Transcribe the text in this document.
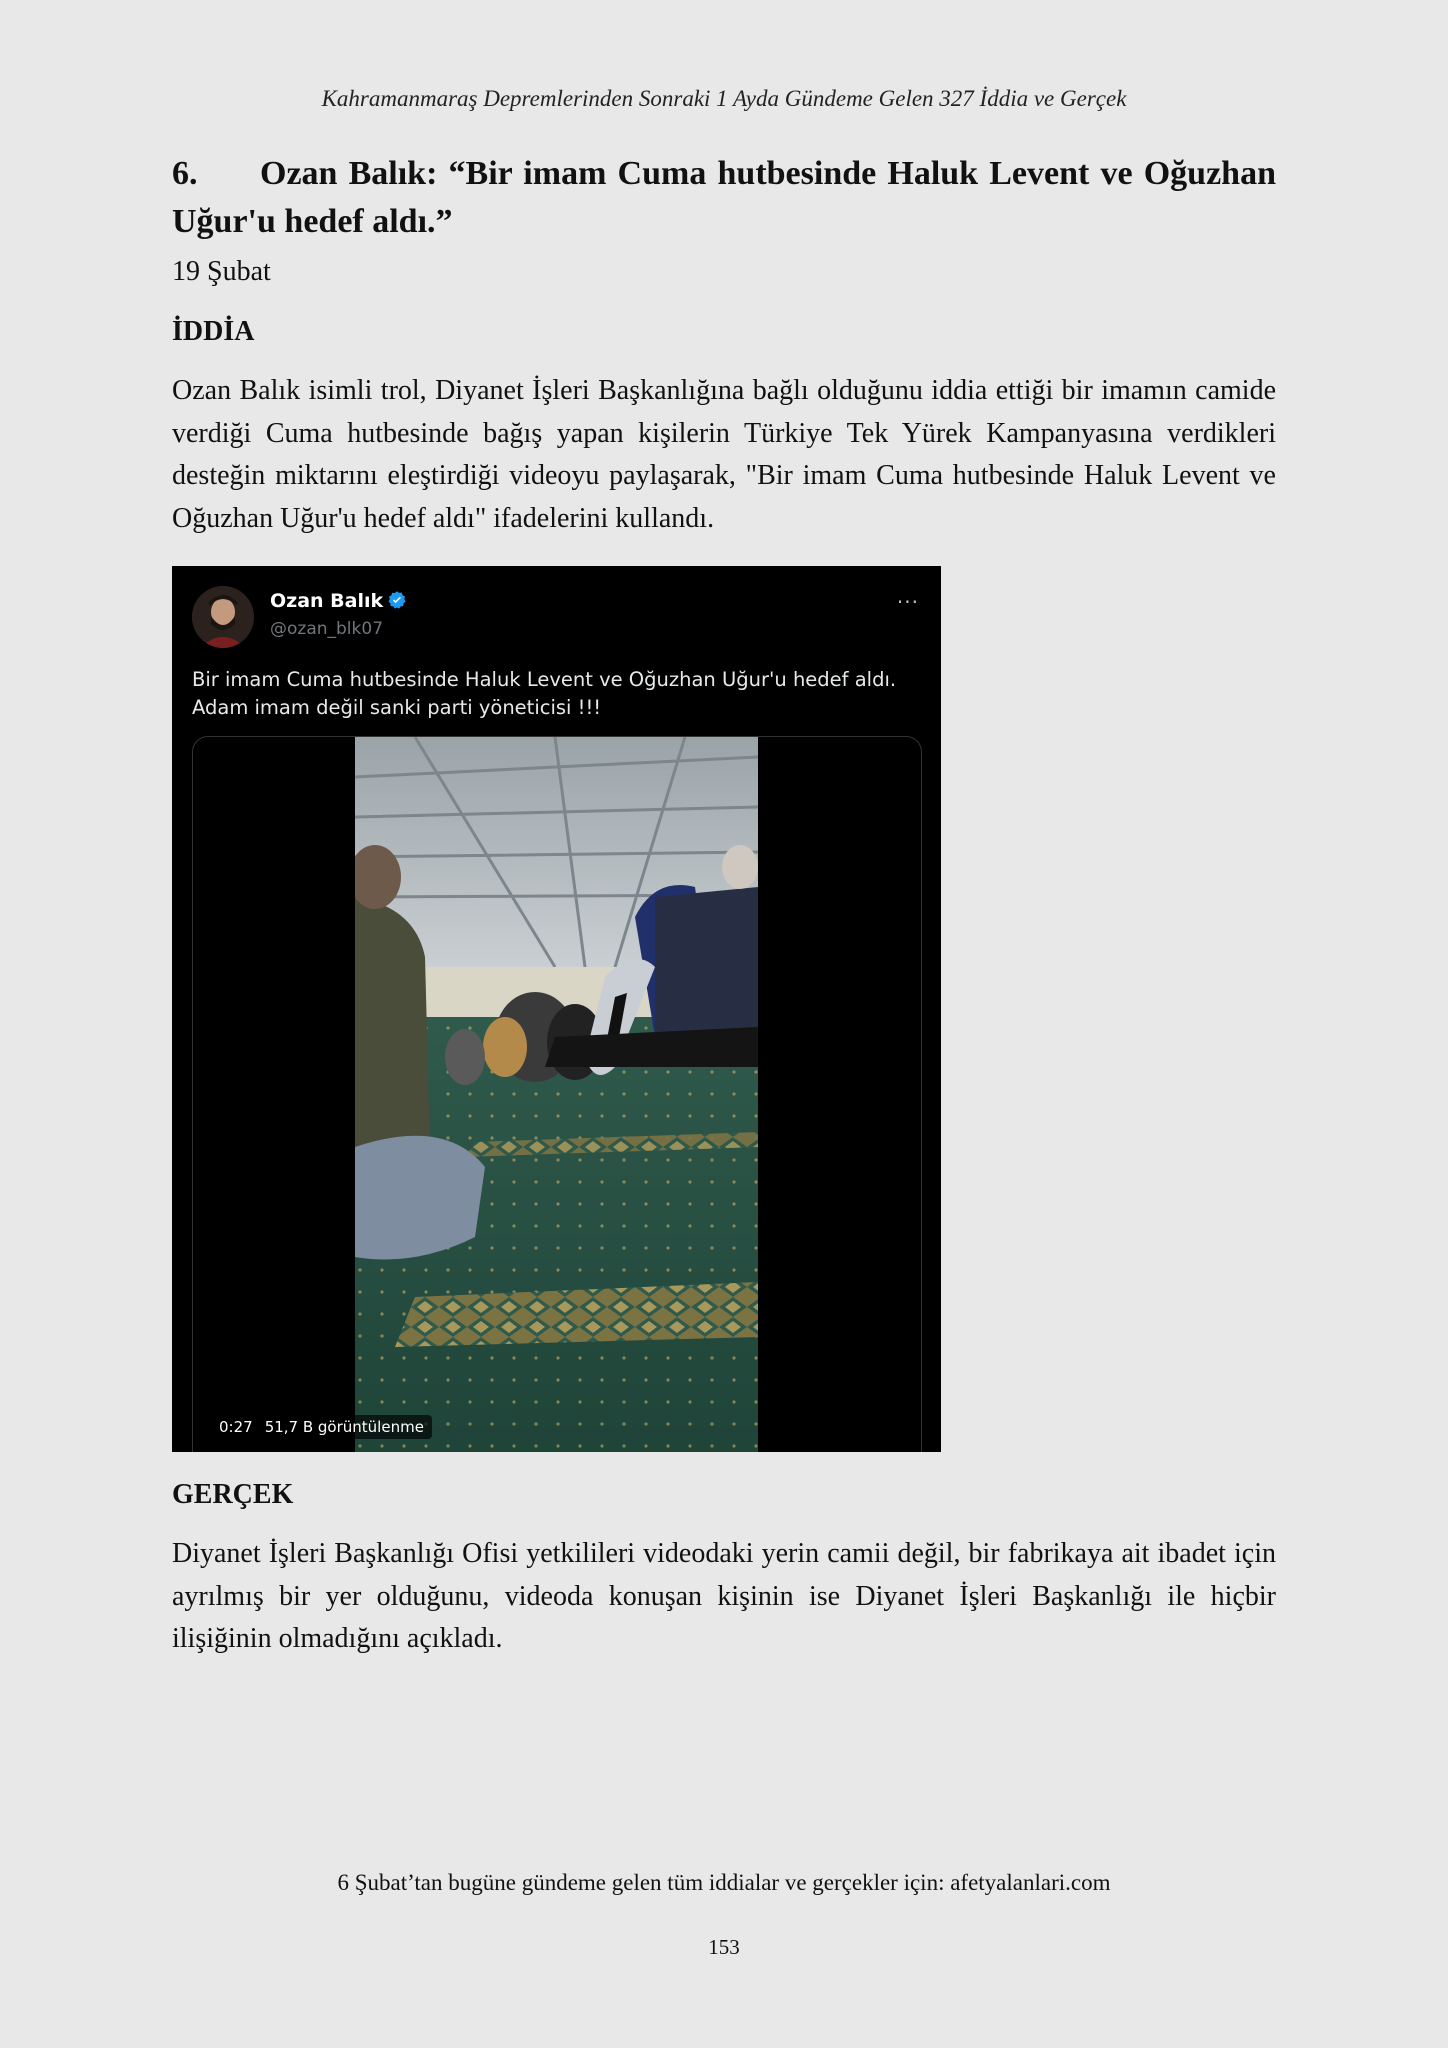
Kahramanmaraş Depremlerinden Sonraki 1 Ayda Gündeme Gelen 327 İddia ve Gerçek
6. Ozan Balık: “Bir imam Cuma hutbesinde Haluk Levent ve Oğuzhan Uğur'u hedef aldı.”
19 Şubat
İDDİA
Ozan Balık isimli trol, Diyanet İşleri Başkanlığına bağlı olduğunu iddia ettiği bir imamın camide verdiği Cuma hutbesinde bağış yapan kişilerin Türkiye Tek Yürek Kampanyasına verdikleri desteğin miktarını eleştirdiği videoyu paylaşarak, "Bir imam Cuma hutbesinde Haluk Levent ve Oğuzhan Uğur'u hedef aldı" ifadelerini kullandı.
Ozan Balık
@ozan_blk07
···
Bir imam Cuma hutbesinde Haluk Levent ve Oğuzhan Uğur'u hedef aldı.
Adam imam değil sanki parti yöneticisi !!!
0:27 51,7 B görüntülenme
GERÇEK
Diyanet İşleri Başkanlığı Ofisi yetkilileri videodaki yerin camii değil, bir fabrikaya ait ibadet için ayrılmış bir yer olduğunu, videoda konuşan kişinin ise Diyanet İşleri Başkanlığı ile hiçbir ilişiğinin olmadığını açıkladı.
6 Şubat’tan bugüne gündeme gelen tüm iddialar ve gerçekler için: afetyalanlari.com
153
